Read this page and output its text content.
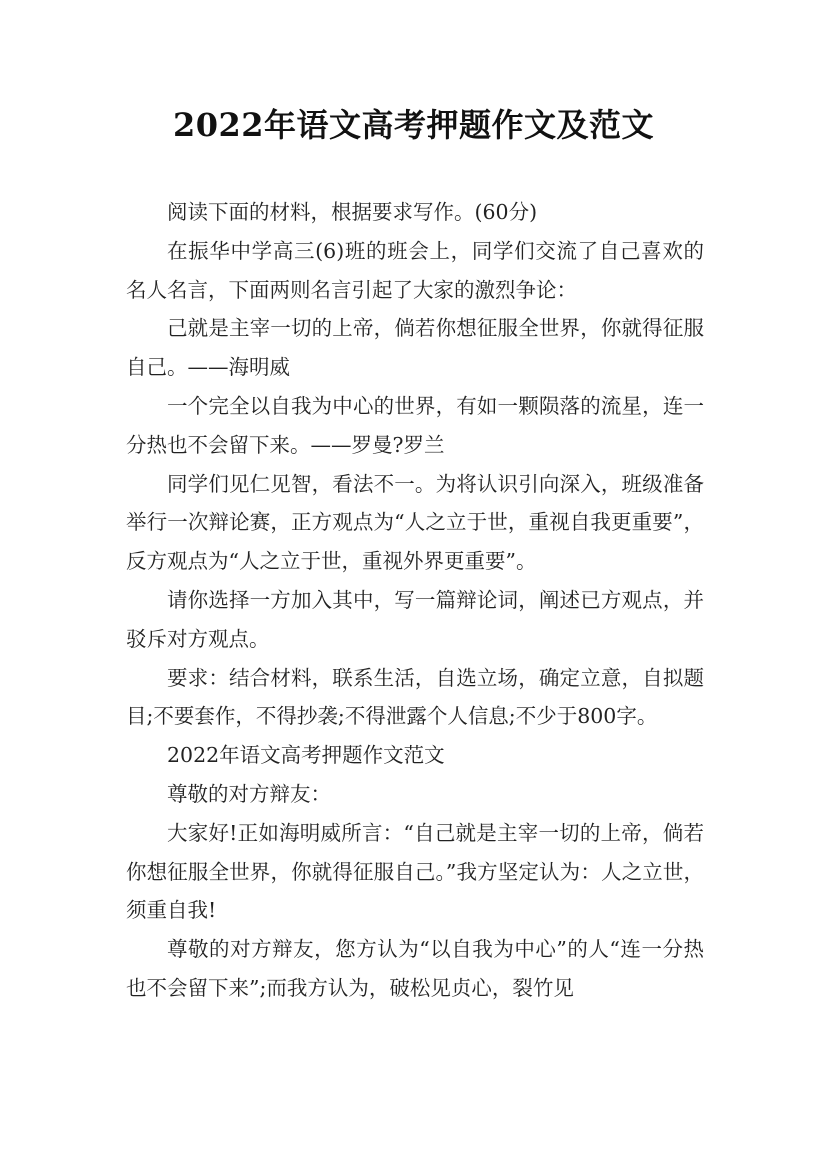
2022年语文高考押题作文及范文

阅读下面的材料，根据要求写作。(60分)

在振华中学高三(6)班的班会上，同学们交流了自己喜欢的名人名言，下面两则名言引起了大家的激烈争论：

己就是主宰一切的上帝，倘若你想征服全世界，你就得征服自己。——海明威

一个完全以自我为中心的世界，有如一颗陨落的流星，连一分热也不会留下来。——罗曼?罗兰

同学们见仁见智，看法不一。为将认识引向深入，班级准备举行一次辩论赛，正方观点为“人之立于世，重视自我更重要”，反方观点为“人之立于世，重视外界更重要”。

请你选择一方加入其中，写一篇辩论词，阐述已方观点，并驳斥对方观点。

要求：结合材料，联系生活，自选立场，确定立意，自拟题目;不要套作，不得抄袭;不得泄露个人信息;不少于800字。

2022年语文高考押题作文范文

尊敬的对方辩友：

大家好!正如海明威所言：“自己就是主宰一切的上帝，倘若你想征服全世界，你就得征服自己。”我方坚定认为：人之立世，须重自我!

尊敬的对方辩友，您方认为“以自我为中心”的人“连一分热也不会留下来”;而我方认为，破松见贞心，裂竹见
